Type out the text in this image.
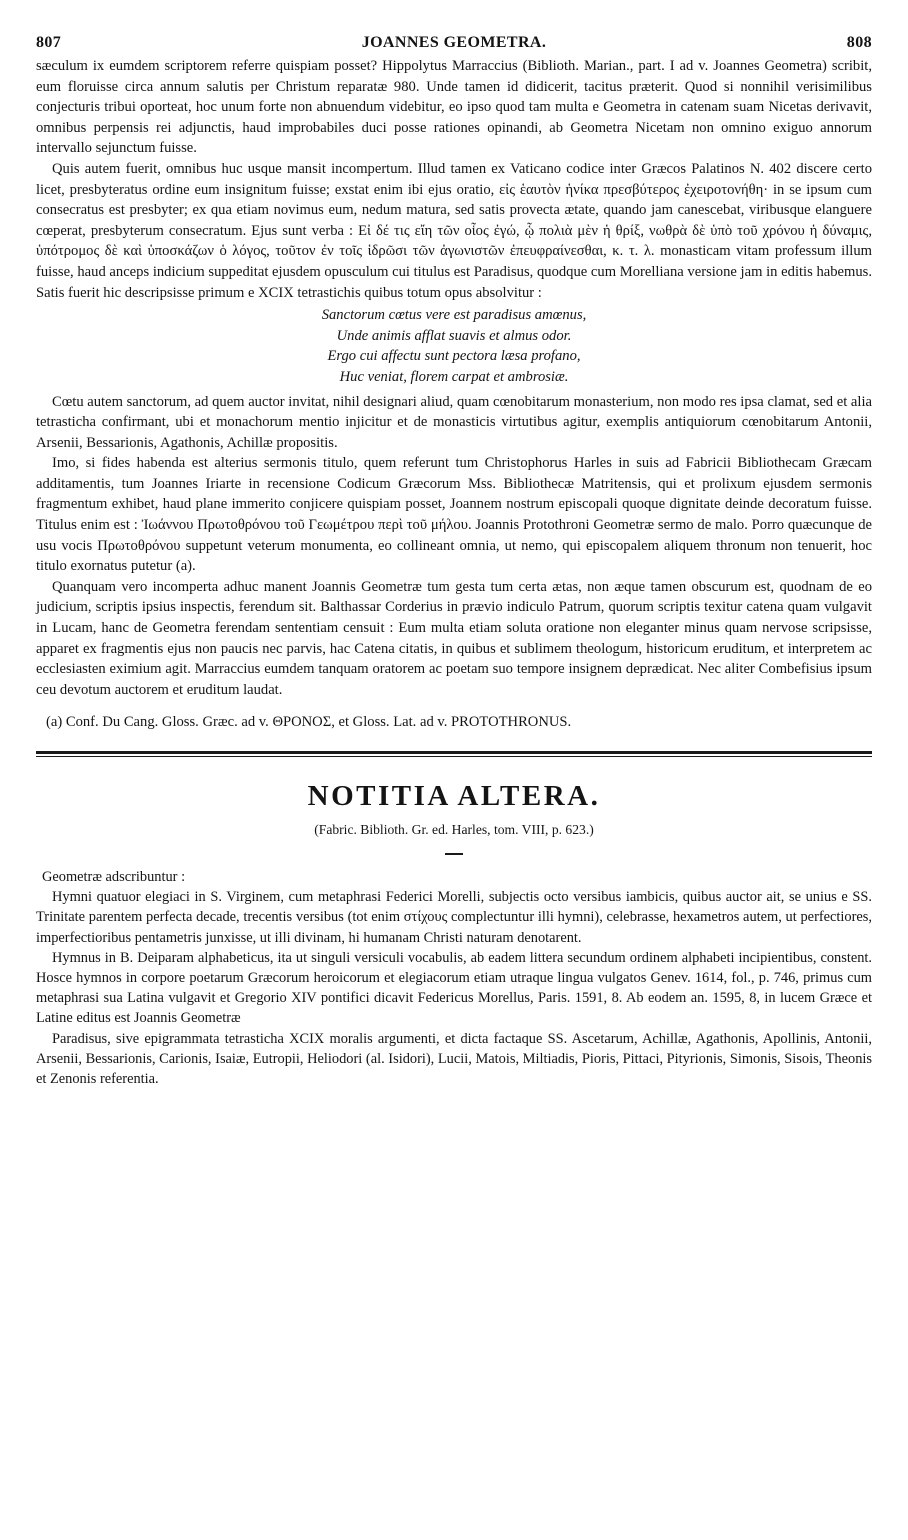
807	JOANNES GEOMETRA.	808

sæculum ix eumdem scriptorem referre quispiam posset? Hippolytus Marraccius (Biblioth. Marian., part. I ad v. Joannes Geometra) scribit, eum floruisse circa annum salutis per Christum reparatæ 980. Unde tamen id didicerit, tacitus præterit. Quod si nonnihil verisimilibus conjecturis tribui oporteat, hoc unum forte non abnuendum videbitur, eo ipso quod tam multa e Geometra in catenam suam Nicetas derivavit, omnibus perpensis rei adjunctis, haud improbabiles duci posse rationes opinandi, ab Geometra Nicetam non omnino exiguo annorum intervallo sejunctum fuisse.

Quis autem fuerit, omnibus huc usque mansit incompertum. Illud tamen ex Vaticano codice inter Græcos Palatinos N. 402 discere certo licet, presbyteratus ordine eum insignitum fuisse; exstat enim ibi ejus oratio, εἰς ἑαυτὸν ἡνίκα πρεσβύτερος ἐχειροτονήθη· in se ipsum cum consecratus est presbyter; ex qua etiam novimus eum, nedum matura, sed satis provecta ætate, quando jam canescebat, viribusque elanguere cœperat, presbyterum consecratum. Ejus sunt verba : Εἰ δέ τις εἴη τῶν οἷος ἐγώ, ᾧ πολιὰ μὲν ἡ θρίξ, νωθρὰ δὲ ὑπὸ τοῦ χρόνου ἡ δύναμις, ὑπότρομος δὲ καὶ ὑποσκάζων ὁ λόγος, τοῦτον ἐν τοῖς ἱδρῶσι τῶν ἀγωνιστῶν ἐπευφραίνεσθαι, κ. τ. λ. monasticam vitam professum illum fuisse, haud anceps indicium suppeditat ejusdem opusculum cui titulus est Paradisus, quodque cum Morelliana versione jam in editis habemus. Satis fuerit hic descripsisse primum e XCIX tetrastichis quibus totum opus absolvitur :

Sanctorum cœtus vere est paradisus amœnus,
Unde animis afflat suavis et almus odor.
Ergo cui affectu sunt pectora læsa profano,
Huc veniat, florem carpat et ambrosiæ.

Cœtu autem sanctorum, ad quem auctor invitat, nihil designari aliud, quam cœnobitarum monasterium, non modo res ipsa clamat, sed et alia tetrasticha confirmant, ubi et monachorum mentio injicitur et de monasticis virtutibus agitur, exemplis antiquiorum cœnobitarum Antonii, Arsenii, Bessarionis, Agathonis, Achillæ propositis.

Imo, si fides habenda est alterius sermonis titulo, quem referunt tum Christophorus Harles in suis ad Fabricii Bibliothecam Græcam additamentis, tum Joannes Iriarte in recensione Codicum Græcorum Mss. Bibliothecæ Matritensis, qui et prolixum ejusdem sermonis fragmentum exhibet, haud plane immerito conjicere quispiam posset, Joannem nostrum episcopali quoque dignitate deinde decoratum fuisse. Titulus enim est : Ἰωάννου Πρωτοθρόνου τοῦ Γεωμέτρου περὶ τοῦ μήλου. Joannis Protothroni Geometræ sermo de malo. Porro quæcunque de usu vocis Πρωτοθρόνου suppetunt veterum monumenta, eo collineant omnia, ut nemo, qui episcopalem aliquem thronum non tenuerit, hoc titulo exornatus putetur (a).

Quanquam vero incomperta adhuc manent Joannis Geometræ tum gesta tum certa ætas, non æque tamen obscurum est, quodnam de eo judicium, scriptis ipsius inspectis, ferendum sit. Balthassar Corderius in prævio indiculo Patrum, quorum scriptis texitur catena quam vulgavit in Lucam, hanc de Geometra ferendam sententiam censuit : Eum multa etiam soluta oratione non eleganter minus quam nervose scripsisse, apparet ex fragmentis ejus non paucis nec parvis, hac Catena citatis, in quibus et sublimem theologum, historicum eruditum, et interpretem ac ecclesiasten eximium agit. Marraccius eumdem tanquam oratorem ac poetam suo tempore insignem deprædicat. Nec aliter Combefisius ipsum ceu devotum auctorem et eruditum laudat.

(a) Conf. Du Cang. Gloss. Græc. ad v. ΘΡΟΝΟΣ, et Gloss. Lat. ad v. PROTOTHRONUS.

NOTITIA ALTERA.
(Fabric. Biblioth. Gr. ed. Harles, tom. VIII, p. 623.)

Geometræ adscribuntur :

Hymni quatuor elegiaci in S. Virginem, cum metaphrasi Federici Morelli, subjectis octo versibus iambicis, quibus auctor ait, se unius e SS. Trinitate parentem perfecta decade, trecentis versibus (tot enim στίχους complectuntur illi hymni), celebrasse, hexametros autem, ut perfectiores, imperfectioribus pentametris junxisse, ut illi divinam, hi humanam Christi naturam denotarent.

Hymnus in B. Deiparam alphabeticus, ita ut singuli versiculi vocabulis, ab eadem littera secundum ordinem alphabeti incipientibus, constent. Hosce hymnos in corpore poetarum Græcorum heroicorum et elegiacorum etiam utraque lingua vulgatos Genev. 1614, fol., p. 746, primus cum metaphrasi sua Latina vulgavit et Gregorio XIV pontifici dicavit Federicus Morellus, Paris. 1591, 8. Ab eodem an. 1595, 8, in lucem Græce et Latine editus est Joannis Geometræ

Paradisus, sive epigrammata tetrasticha XCIX moralis argumenti, et dicta factaque SS. Ascetarum, Achillæ, Agathonis, Apollinis, Antonii, Arsenii, Bessarionis, Carionis, Isaiæ, Eutropii, Heliodori (al. Isidori), Lucii, Matois, Miltiadis, Pioris, Pittaci, Pityrionis, Simonis, Sisois, Theonis et Zenonis referentia.
